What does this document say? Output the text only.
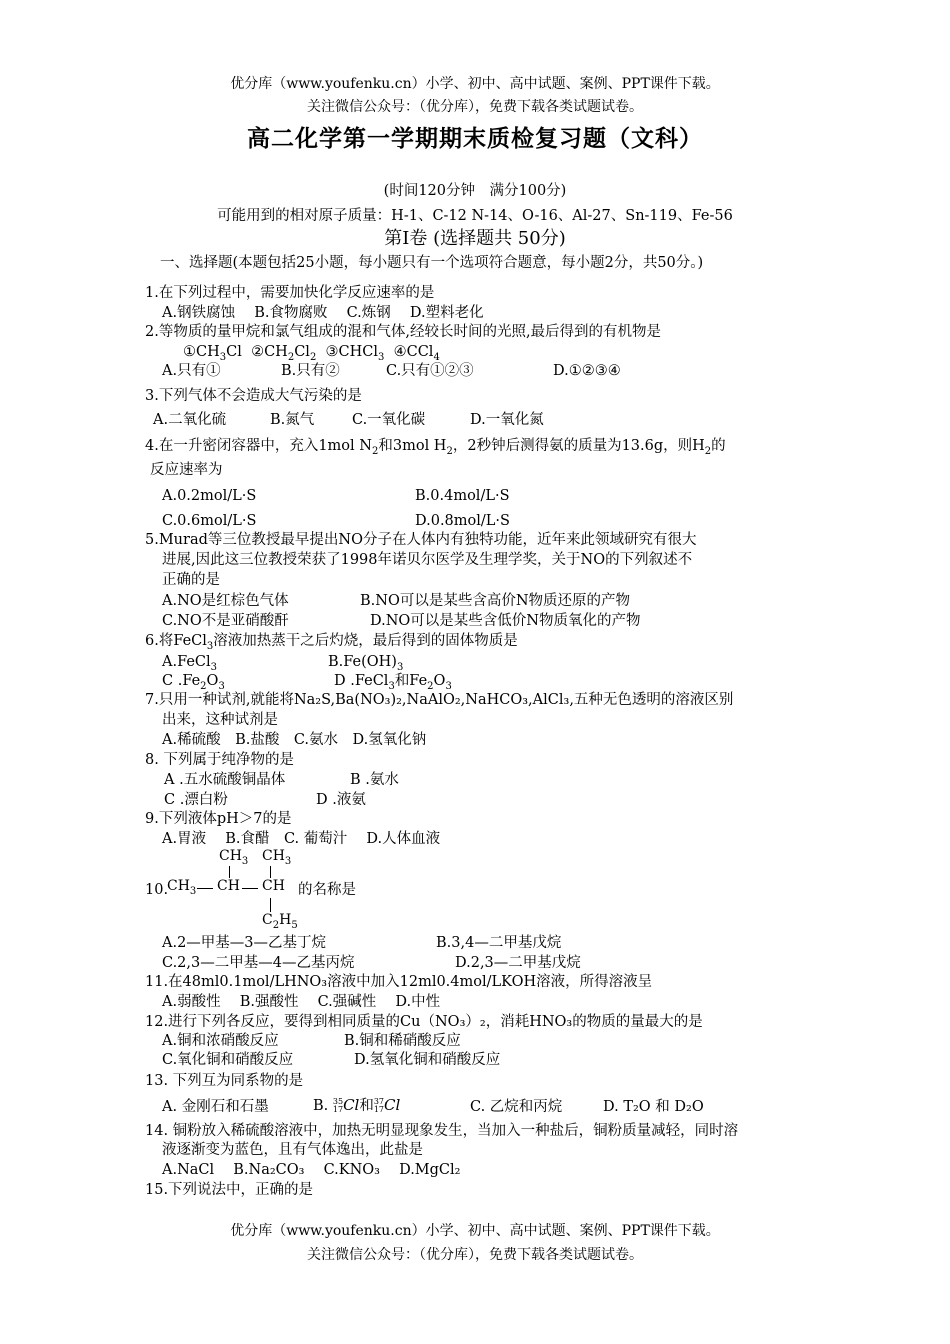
优分库（www.youfenku.cn）小学、初中、高中试题、案例、PPT课件下载。
关注微信公众号：（优分库），免费下载各类试题试卷。
高二化学第一学期期末质检复习题（文科）
(时间120分钟　满分100分)
可能用到的相对原子质量：H-1、C-12 N-14、O-16、Al-27、Sn-119、Fe-56
第I卷 (选择题共 50分)
一、选择题(本题包括25小题，每小题只有一个选项符合题意，每小题2分，共50分。)
1.在下列过程中，需要加快化学反应速率的是
A.钢铁腐蚀　 B.食物腐败　 C.炼钢　 D.塑料老化
2.等物质的量甲烷和氯气组成的混和气体,经较长时间的光照,最后得到的有机物是
$①CH_3Cl$ $②CH_2Cl_2$ ③CHCl$_3$ ④CCl$_4$
A.只有①	B.只有②	C.只有①②③	D.①②③④
3.下列气体不会造成大气污染的是
A.二氧化硫	B.氮气	C.一氧化碳	D.一氧化氮
4.在一升密闭容器中，充入1mol $N_2$和3mol $H_2$，2秒钟后测得氨的质量为13.6g，则$H_2$的
反应速率为
A.0.2mol/L·S	B.0.4mol/L·S
C.0.6mol/L·S	D.0.8mol/L·S
5.Murad等三位教授最早提出NO分子在人体内有独特功能，近年来此领域研究有很大
进展,因此这三位教授荣获了1998年诺贝尔医学及生理学奖，关于NO的下列叙述不
正确的是
A.NO是红棕色气体	B.NO可以是某些含高价N物质还原的产物
C.NO不是亚硝酸酐	D.NO可以是某些含低价N物质氧化的产物
6.将FeCl$_3$溶液加热蒸干之后灼烧，最后得到的固体物质是
A.FeCl$_3$	$B.Fe(OH)_3$
C $.Fe_2O_3$	D .FeCl$_3$和$Fe_2O_3$
7.只用一种试剂,就能将Na₂S,Ba(NO₃)₂,NaAlO₂,NaHCO₃,AlCl₃,五种无色透明的溶液区别
出来，这种试剂是
A.稀硫酸　B.盐酸　C.氨水　D.氢氧化钠
8. 下列属于纯净物的是
A .五水硫酸铜晶体	B .氨水
C .漂白粉	D .液氨
9.下列液体pH＞7的是
A.胃液　 B.食醋　C. 葡萄汁　 D.人体血液
10.
$CH_3$ $CH_3$
$CH_3$ CH CH
$C_2H_5$
的名称是
A.2—甲基—3—乙基丁烷	B.3,4—二甲基戊烷
C.2,3—二甲基—4—乙基丙烷	D.2,3—二甲基戊烷
11.在48ml0.1mol/LHNO₃溶液中加入12ml0.4mol/LKOH溶液，所得溶液呈
A.弱酸性　 B.强酸性　 C.强碱性　 D.中性
12.进行下列各反应，要得到相同质量的Cu（NO₃）₂，消耗HNO₃的物质的量最大的是
A.铜和浓硝酸反应	B.铜和稀硝酸反应
C.氧化铜和硝酸反应	D.氢氧化铜和硝酸反应
13. 下列互为同系物的是
A. 金刚石和石墨	B. 35
17Cl和37
17Cl	C. 乙烷和丙烷	D. T₂O 和 D₂O
14. 铜粉放入稀硫酸溶液中，加热无明显现象发生，当加入一种盐后，铜粉质量减轻，同时溶
液逐渐变为蓝色，且有气体逸出，此盐是
A.NaCl　 B.Na₂CO₃　 C.KNO₃　 D.MgCl₂
15.下列说法中，正确的是
优分库（www.youfenku.cn）小学、初中、高中试题、案例、PPT课件下载。
关注微信公众号：（优分库），免费下载各类试题试卷。
